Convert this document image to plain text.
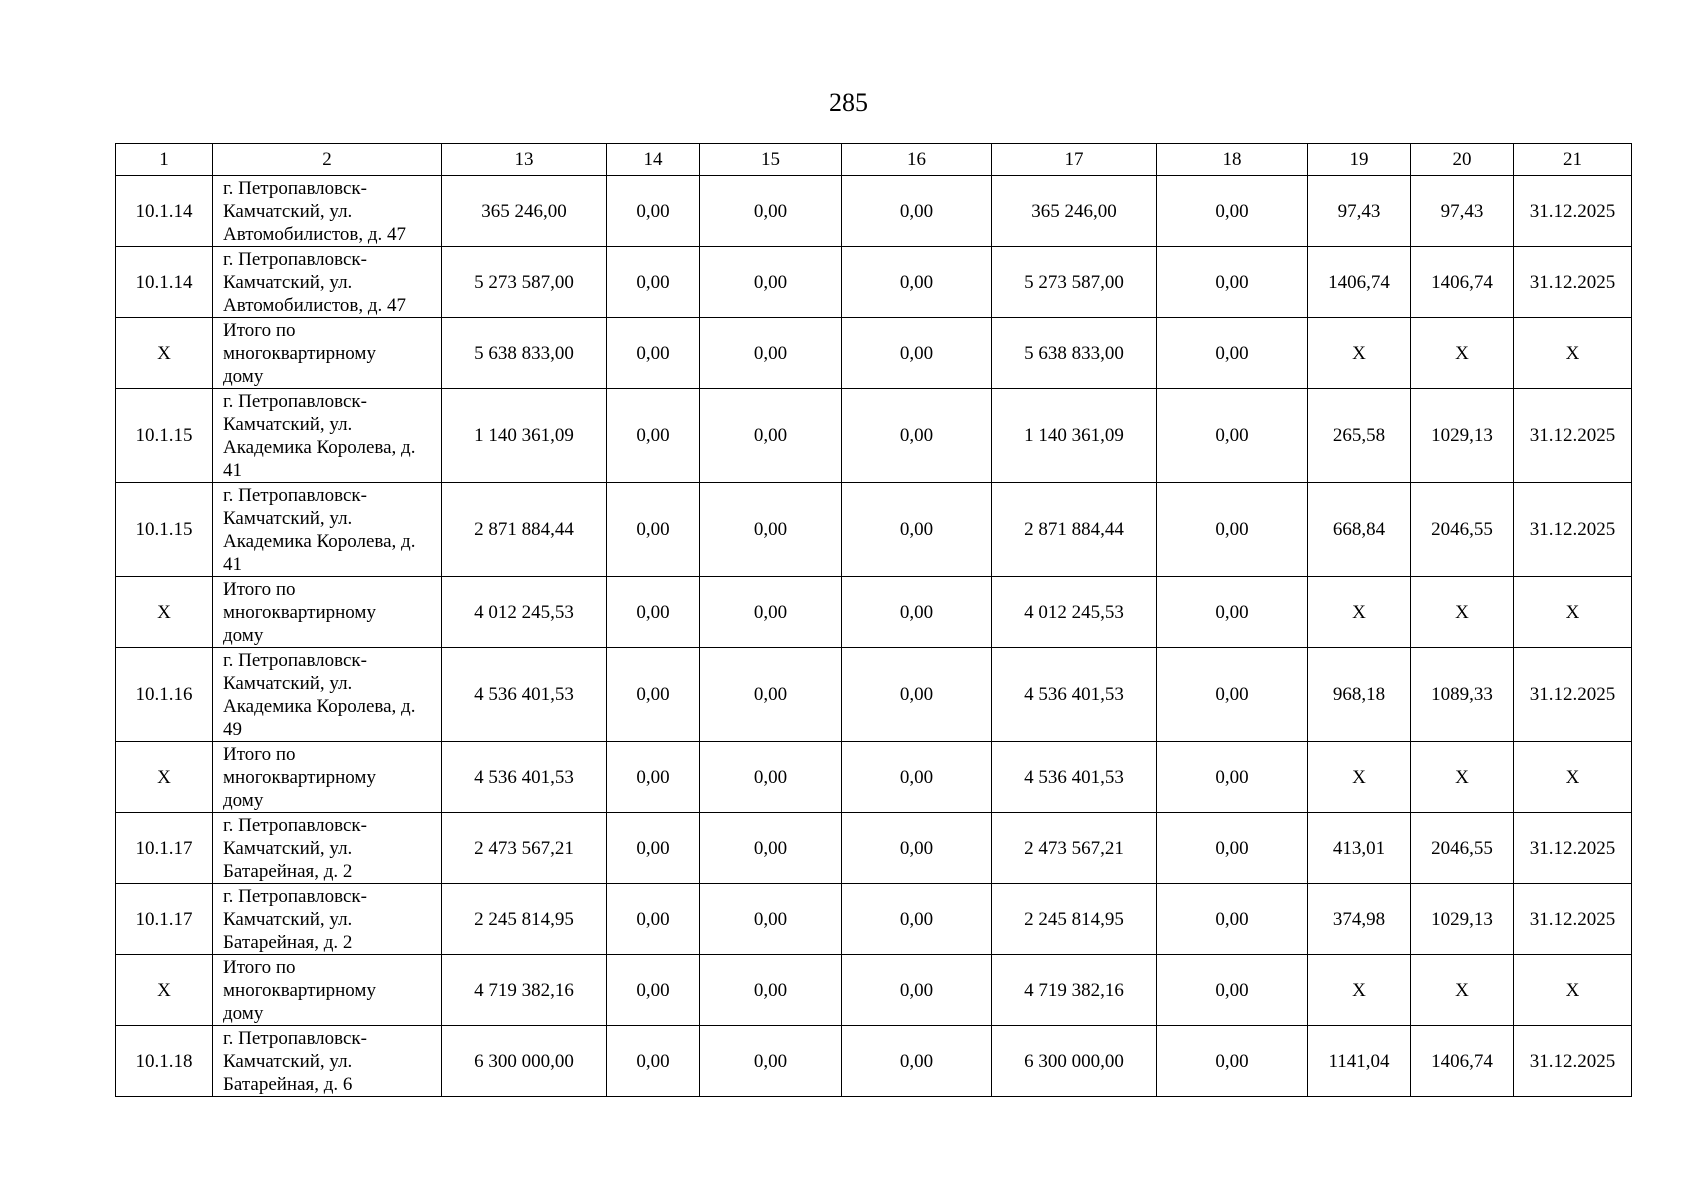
285
1	2	13	14	15	16	17	18	19	20	21
10.1.14	г. Петропавловск-
Камчатский, ул.
Автомобилистов, д. 47	365 246,00	0,00	0,00	0,00	365 246,00	0,00	97,43	97,43	31.12.2025
10.1.14	г. Петропавловск-
Камчатский, ул.
Автомобилистов, д. 47	5 273 587,00	0,00	0,00	0,00	5 273 587,00	0,00	1406,74	1406,74	31.12.2025
X	Итого по
многоквартирному
дому	5 638 833,00	0,00	0,00	0,00	5 638 833,00	0,00	X	X	X
10.1.15	г. Петропавловск-
Камчатский, ул.
Академика Королева, д.
41	1 140 361,09	0,00	0,00	0,00	1 140 361,09	0,00	265,58	1029,13	31.12.2025
10.1.15	г. Петропавловск-
Камчатский, ул.
Академика Королева, д.
41	2 871 884,44	0,00	0,00	0,00	2 871 884,44	0,00	668,84	2046,55	31.12.2025
X	Итого по
многоквартирному
дому	4 012 245,53	0,00	0,00	0,00	4 012 245,53	0,00	X	X	X
10.1.16	г. Петропавловск-
Камчатский, ул.
Академика Королева, д.
49	4 536 401,53	0,00	0,00	0,00	4 536 401,53	0,00	968,18	1089,33	31.12.2025
X	Итого по
многоквартирному
дому	4 536 401,53	0,00	0,00	0,00	4 536 401,53	0,00	X	X	X
10.1.17	г. Петропавловск-
Камчатский, ул.
Батарейная, д. 2	2 473 567,21	0,00	0,00	0,00	2 473 567,21	0,00	413,01	2046,55	31.12.2025
10.1.17	г. Петропавловск-
Камчатский, ул.
Батарейная, д. 2	2 245 814,95	0,00	0,00	0,00	2 245 814,95	0,00	374,98	1029,13	31.12.2025
X	Итого по
многоквартирному
дому	4 719 382,16	0,00	0,00	0,00	4 719 382,16	0,00	X	X	X
10.1.18	г. Петропавловск-
Камчатский, ул.
Батарейная, д. 6	6 300 000,00	0,00	0,00	0,00	6 300 000,00	0,00	1141,04	1406,74	31.12.2025
